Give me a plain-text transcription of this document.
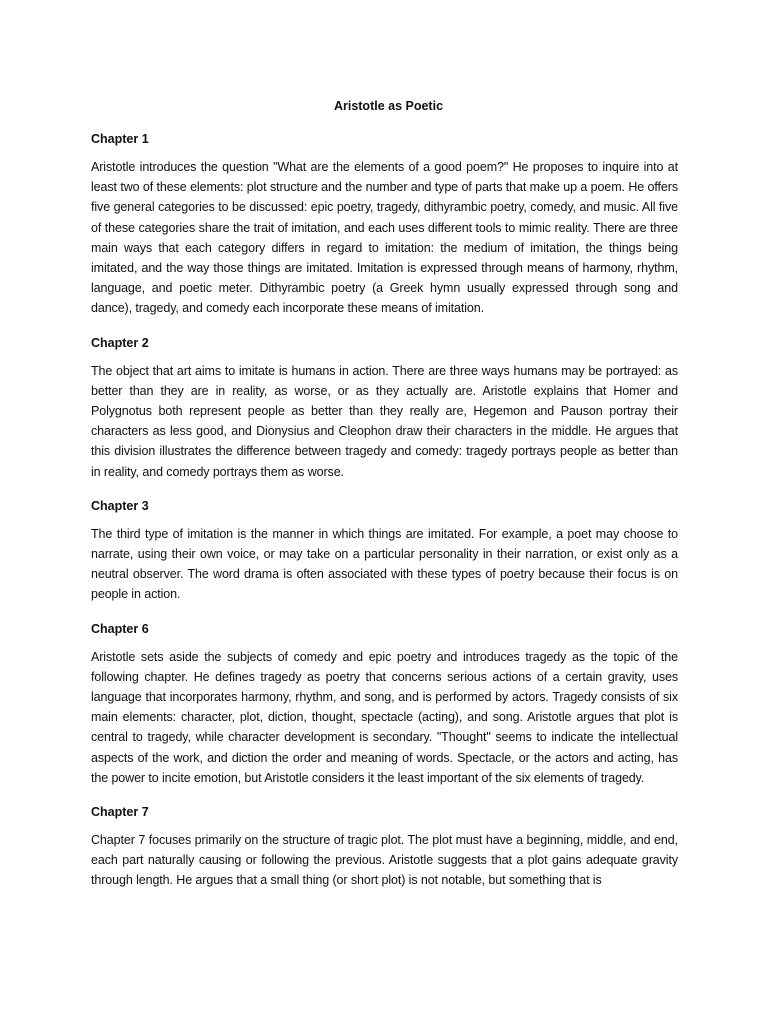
Aristotle as Poetic
Chapter 1

Aristotle introduces the question "What are the elements of a good poem?" He proposes to inquire into at least two of these elements: plot structure and the number and type of parts that make up a poem. He offers five general categories to be discussed: epic poetry, tragedy, dithyrambic poetry, comedy, and music. All five of these categories share the trait of imitation, and each uses different tools to mimic reality. There are three main ways that each category differs in regard to imitation: the medium of imitation, the things being imitated, and the way those things are imitated. Imitation is expressed through means of harmony, rhythm, language, and poetic meter. Dithyrambic poetry (a Greek hymn usually expressed through song and dance), tragedy, and comedy each incorporate these means of imitation.

Chapter 2

The object that art aims to imitate is humans in action. There are three ways humans may be portrayed: as better than they are in reality, as worse, or as they actually are. Aristotle explains that Homer and Polygnotus both represent people as better than they really are, Hegemon and Pauson portray their characters as less good, and Dionysius and Cleophon draw their characters in the middle. He argues that this division illustrates the difference between tragedy and comedy: tragedy portrays people as better than in reality, and comedy portrays them as worse.

Chapter 3

The third type of imitation is the manner in which things are imitated. For example, a poet may choose to narrate, using their own voice, or may take on a particular personality in their narration, or exist only as a neutral observer. The word drama is often associated with these types of poetry because their focus is on people in action.

Chapter 6

Aristotle sets aside the subjects of comedy and epic poetry and introduces tragedy as the topic of the following chapter. He defines tragedy as poetry that concerns serious actions of a certain gravity, uses language that incorporates harmony, rhythm, and song, and is performed by actors. Tragedy consists of six main elements: character, plot, diction, thought, spectacle (acting), and song. Aristotle argues that plot is central to tragedy, while character development is secondary. "Thought" seems to indicate the intellectual aspects of the work, and diction the order and meaning of words. Spectacle, or the actors and acting, has the power to incite emotion, but Aristotle considers it the least important of the six elements of tragedy.

Chapter 7

Chapter 7 focuses primarily on the structure of tragic plot. The plot must have a beginning, middle, and end, each part naturally causing or following the previous. Aristotle suggests that a plot gains adequate gravity through length. He argues that a small thing (or short plot) is not notable, but something that is
